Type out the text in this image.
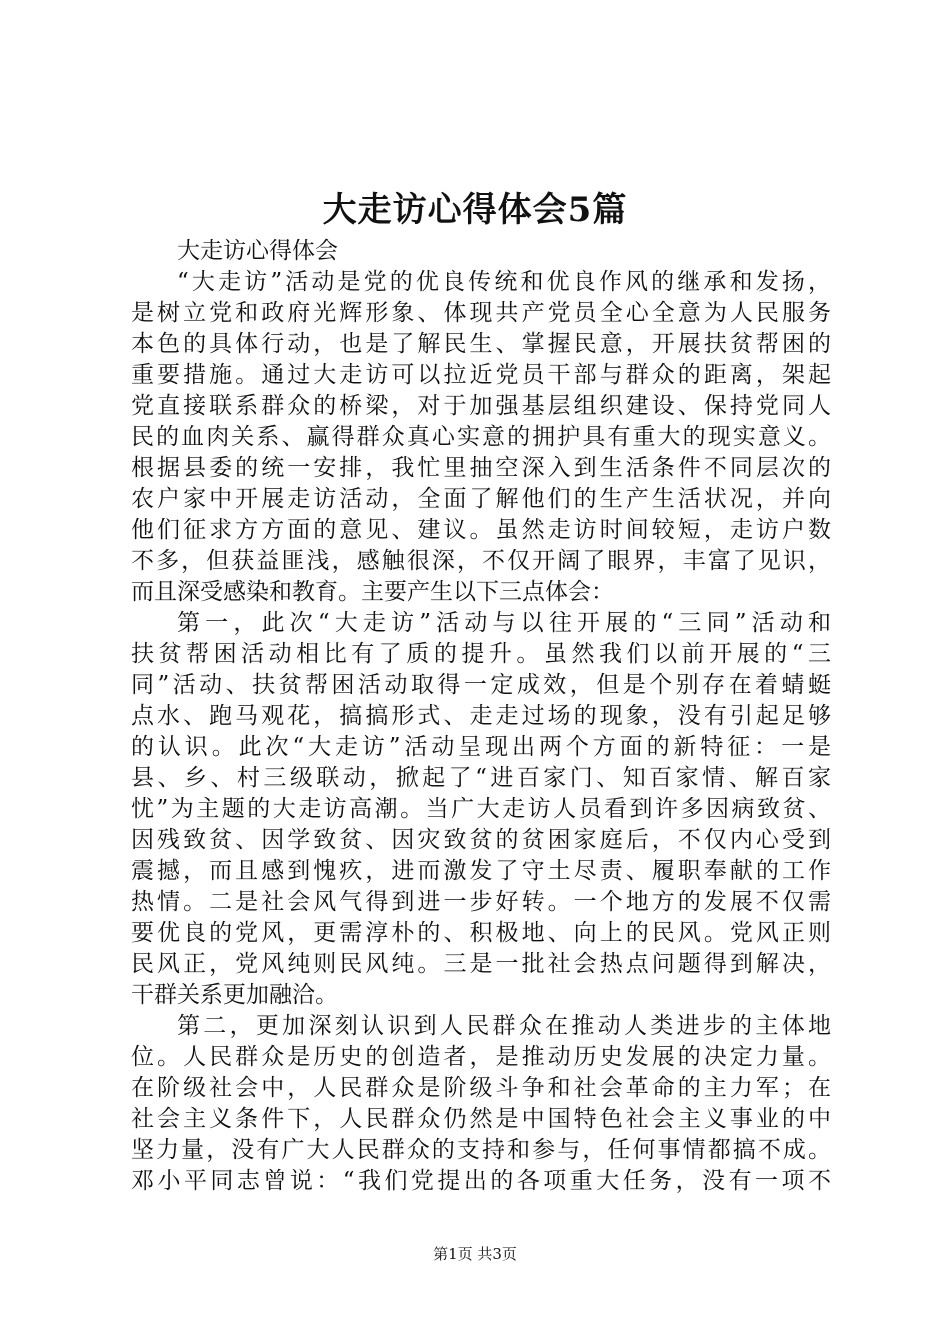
大走访心得体会5篇
大走访心得体会
“大走访”活动是党的优良传统和优良作风的继承和发扬，
是树立党和政府光辉形象、体现共产党员全心全意为人民服务
本色的具体行动，也是了解民生、掌握民意，开展扶贫帮困的
重要措施。通过大走访可以拉近党员干部与群众的距离，架起
党直接联系群众的桥梁，对于加强基层组织建设、保持党同人
民的血肉关系、赢得群众真心实意的拥护具有重大的现实意义。
根据县委的统一安排，我忙里抽空深入到生活条件不同层次的
农户家中开展走访活动，全面了解他们的生产生活状况，并向
他们征求方方面的意见、建议。虽然走访时间较短，走访户数
不多，但获益匪浅，感触很深，不仅开阔了眼界，丰富了见识，
而且深受感染和教育。主要产生以下三点体会：
第一，此次“大走访”活动与以往开展的“三同”活动和
扶贫帮困活动相比有了质的提升。虽然我们以前开展的“三
同”活动、扶贫帮困活动取得一定成效，但是个别存在着蜻蜓
点水、跑马观花，搞搞形式、走走过场的现象，没有引起足够
的认识。此次“大走访”活动呈现出两个方面的新特征：一是
县、乡、村三级联动，掀起了“进百家门、知百家情、解百家
忧”为主题的大走访高潮。当广大走访人员看到许多因病致贫、
因残致贫、因学致贫、因灾致贫的贫困家庭后，不仅内心受到
震撼，而且感到愧疚，进而激发了守土尽责、履职奉献的工作
热情。二是社会风气得到进一步好转。一个地方的发展不仅需
要优良的党风，更需淳朴的、积极地、向上的民风。党风正则
民风正，党风纯则民风纯。三是一批社会热点问题得到解决，
干群关系更加融洽。
第二，更加深刻认识到人民群众在推动人类进步的主体地
位。人民群众是历史的创造者，是推动历史发展的决定力量。
在阶级社会中，人民群众是阶级斗争和社会革命的主力军；在
社会主义条件下，人民群众仍然是中国特色社会主义事业的中
坚力量，没有广大人民群众的支持和参与，任何事情都搞不成。
邓小平同志曾说：“我们党提出的各项重大任务，没有一项不
第1页 共3页
